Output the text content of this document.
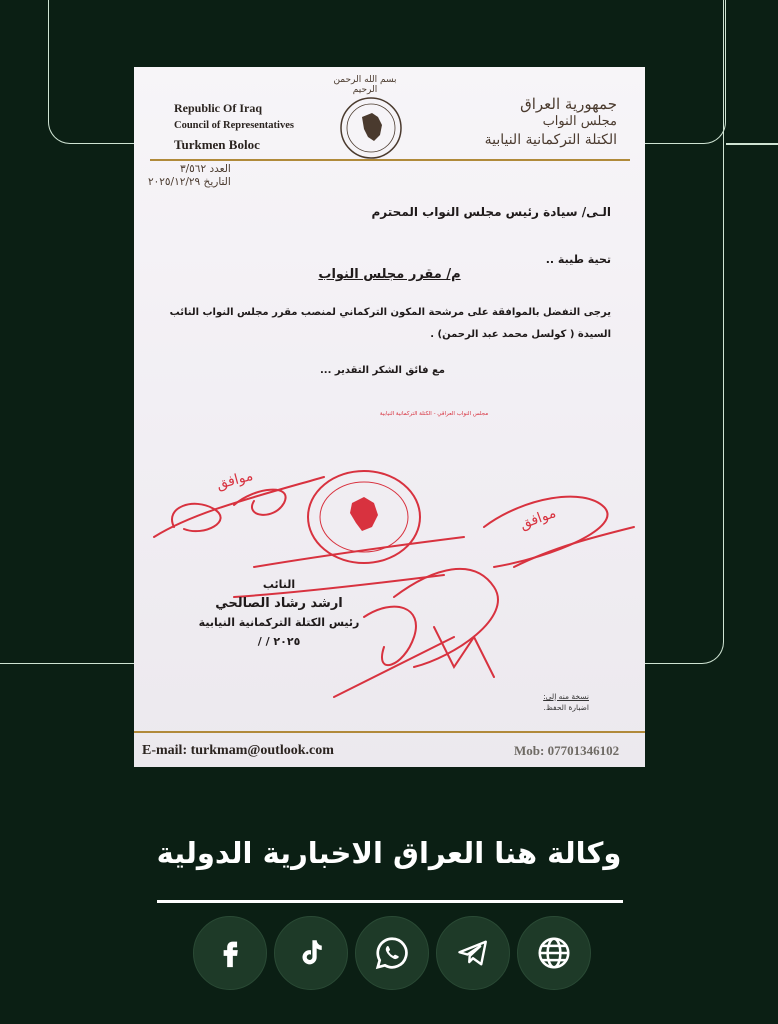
Republic Of Iraq
Council of Representatives
Turkmen Boloc
بسم الله الرحمن الرحيم
جمهورية العراق
مجلس النواب
الكتلة التركمانية النيابية
العدد ٣/٥٦٢
التاريخ ٢٠٢٥/١٢/٢٩
الـى/ سيادة رئيس مجلس النواب المحترم
تحية طيبة ..
م/ مقرر مجلس النواب
يرجى التفضل بالموافقة على مرشحة المكون التركماني لمنصب مقرر مجلس النواب النائب
السيدة ( كولسل محمد عبد الرحمن) .
مع فائق الشكر التقدير ...
موافق
موافق
مجلس النواب العراقي - الكتلة التركمانية النيابية
النائب
ارشد رشاد الصالحي
رئيس الكتلة التركمانية النيابية
٢٠٢٥ / /
نسخة منه إلى:
اضبارة الحفظ.
E-mail: turkmam@outlook.com	Mob: 07701346102
وكالة هنا العراق الاخبارية الدولية
